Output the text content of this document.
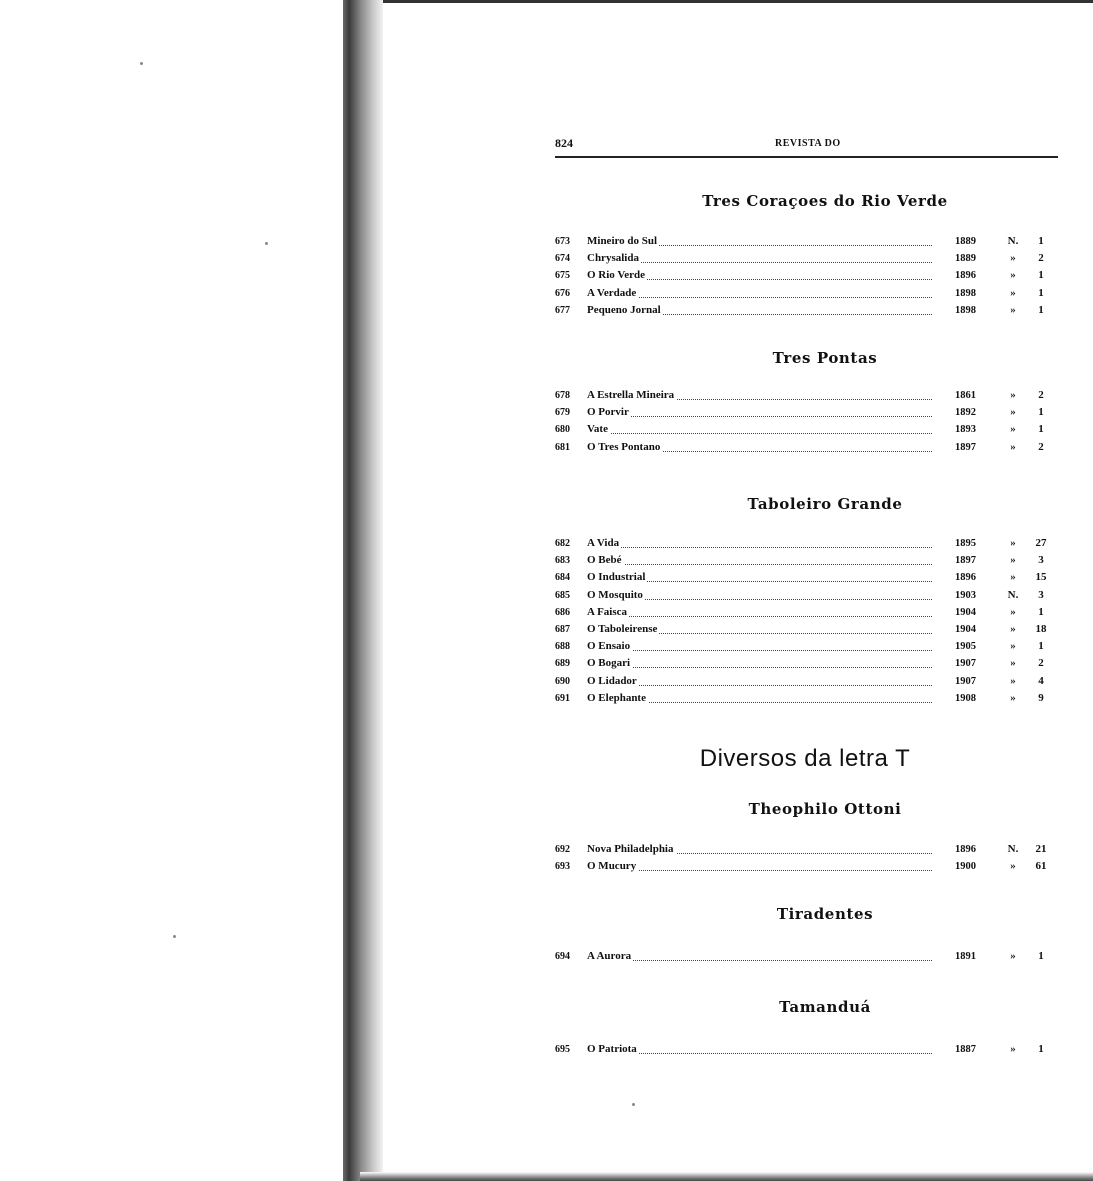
824	REVISTA DO
Tres Coraçoes do Rio Verde
673	Mineiro do Sul	1889	N.	1
674	Chrysalida	1889	»	2
675	O Rio Verde	1896	»	1
676	A Verdade	1898	»	1
677	Pequeno Jornal	1898	»	1
Tres Pontas
678	A Estrella Mineira	1861	»	2
679	O Porvir	1892	»	1
680	Vate	1893	»	1
681	O Tres Pontano	1897	»	2
Taboleiro Grande
682	A Vida	1895	»	27
683	O Bebé	1897	»	3
684	O Industrial	1896	»	15
685	O Mosquito	1903	N.	3
686	A Faisca	1904	»	1
687	O Taboleirense	1904	»	18
688	O Ensaio	1905	»	1
689	O Bogari	1907	»	2
690	O Lidador	1907	»	4
691	O Elephante	1908	»	9
Diversos da letra T
Theophilo Ottoni
692	Nova Philadelphia	1896	N. 21
693	O Mucury	1900	»	61
Tiradentes
694	A Aurora	1891	»	1
Tamanduá
695	O Patriota	1887	»	1
